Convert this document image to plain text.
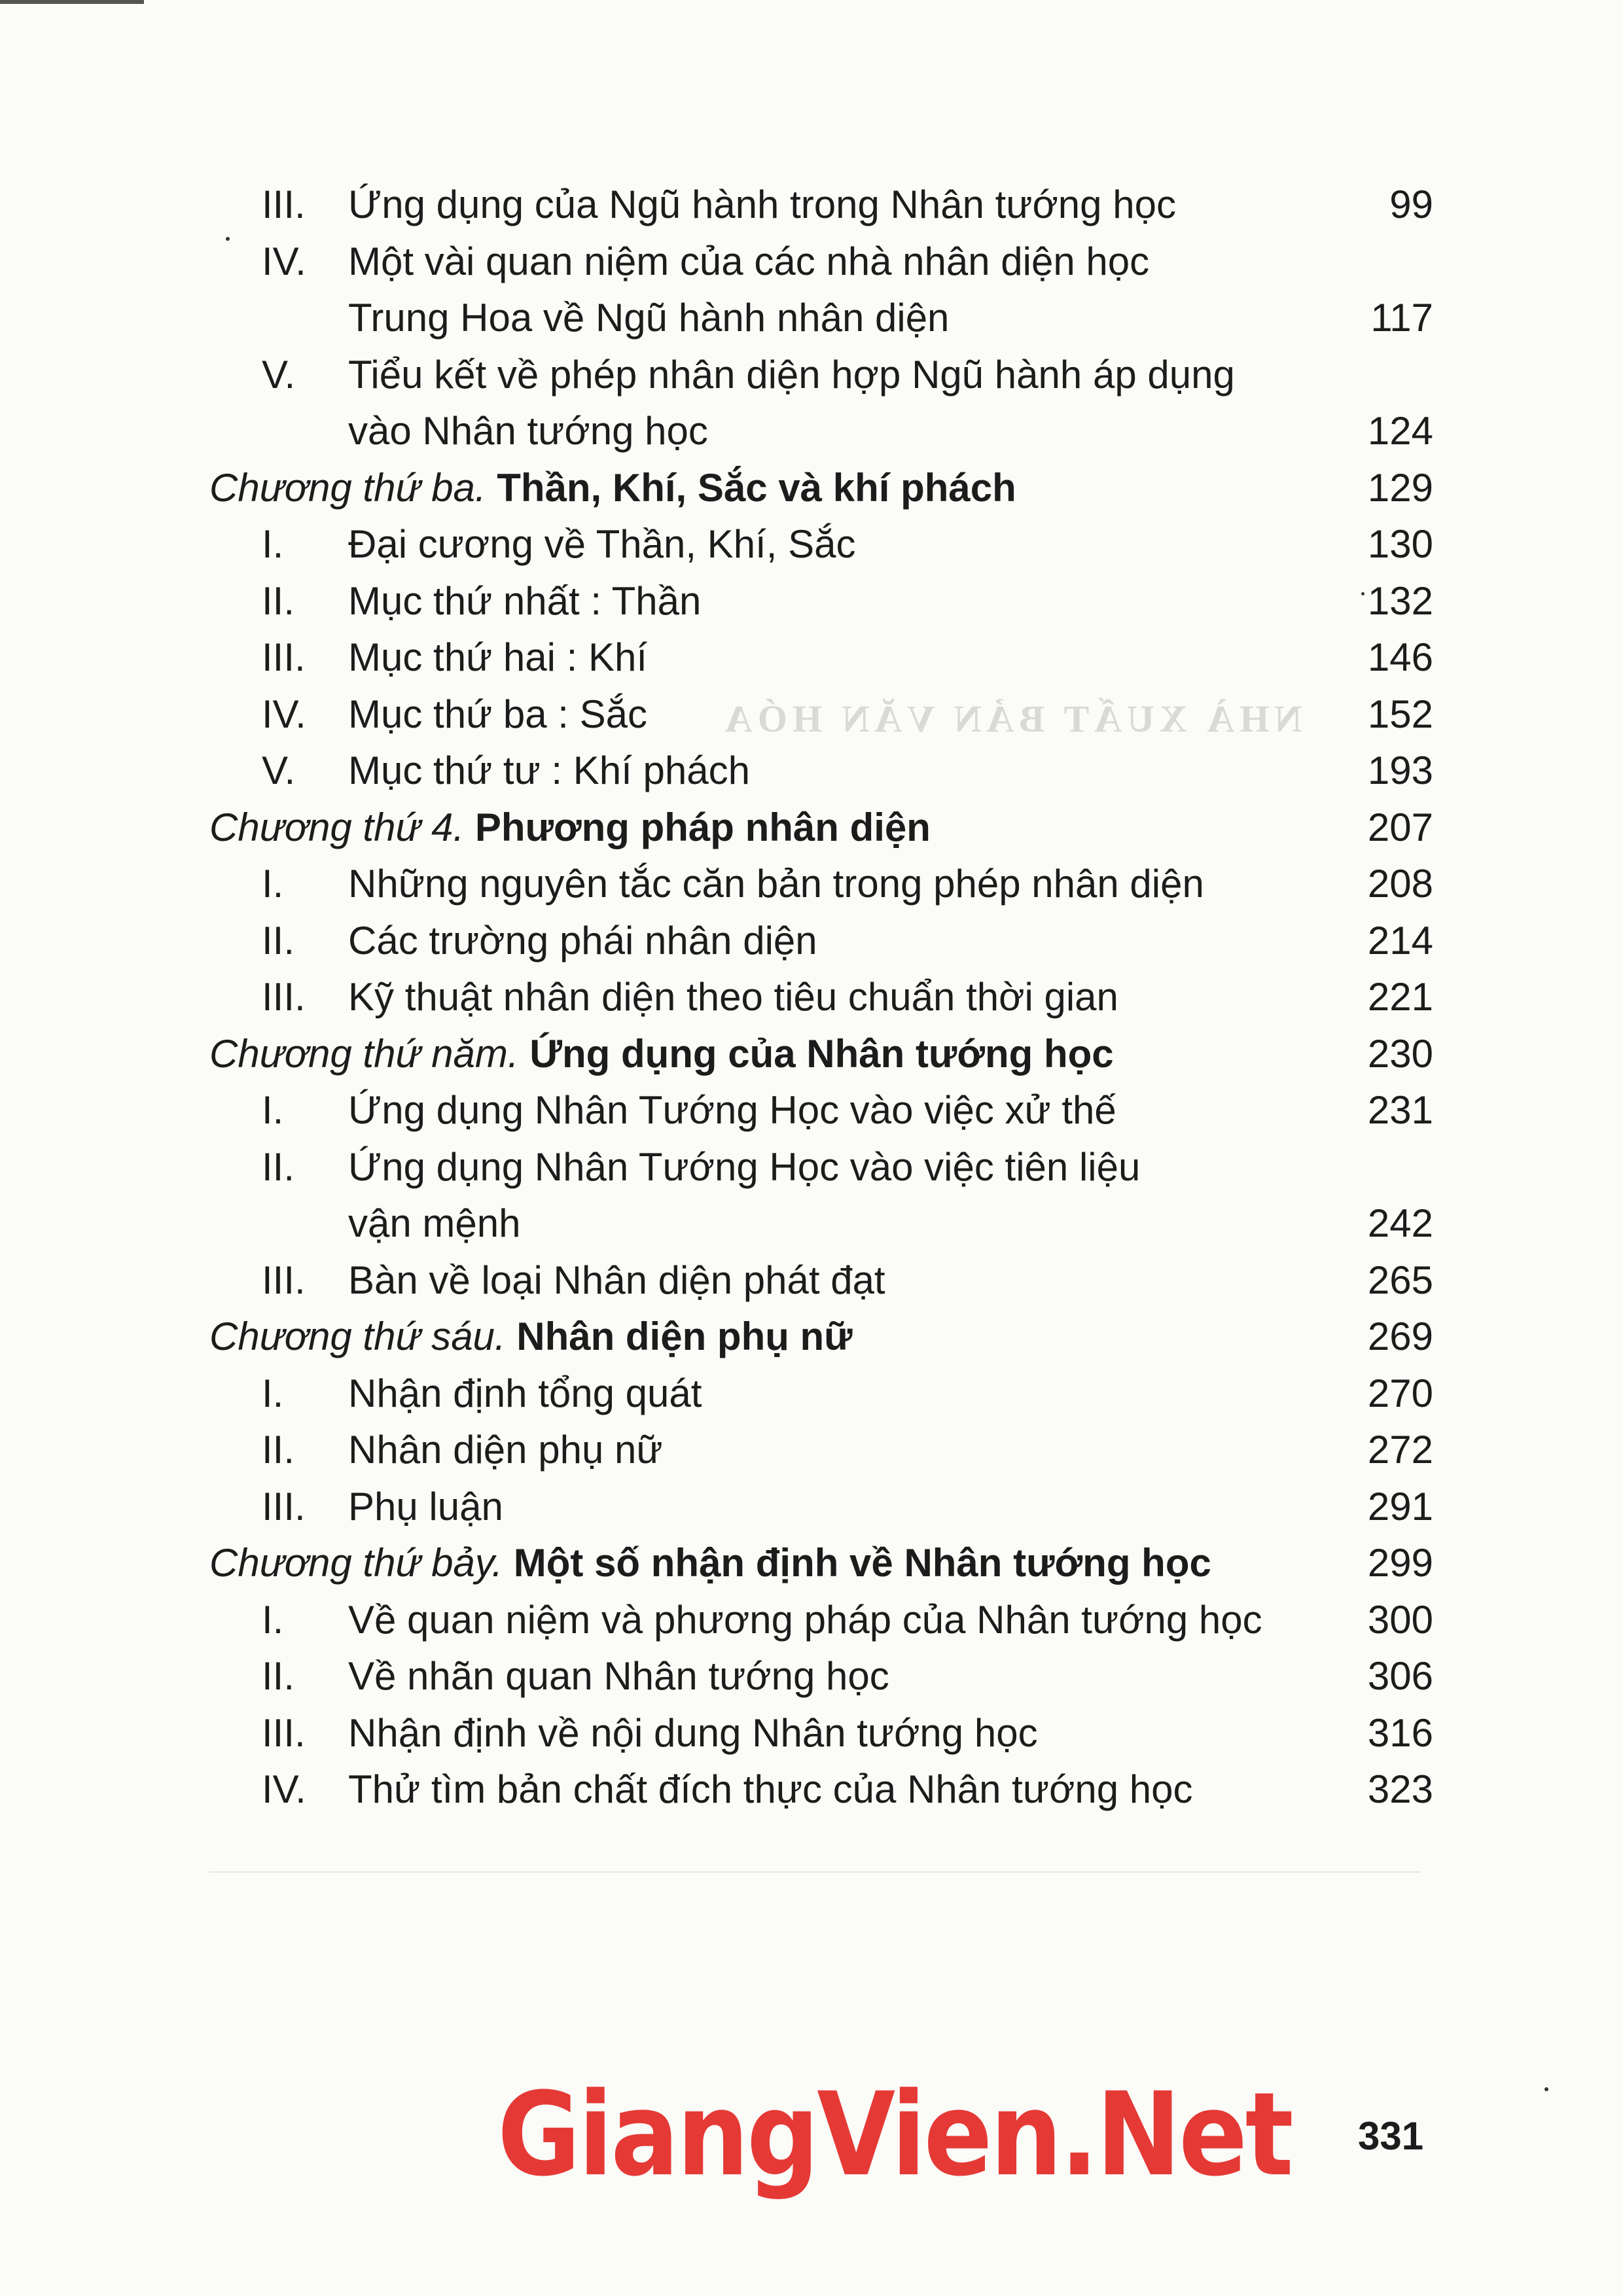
NHÀ XUẤT BẢN VĂN HÓA
III. Ứng dụng của Ngũ hành trong Nhân tướng học	99
IV. Một vài quan niệm của các nhà nhân diện học
Trung Hoa về Ngũ hành nhân diện	117
V. Tiểu kết về phép nhân diện hợp Ngũ hành áp dụng
vào Nhân tướng học	124
Chương thứ ba. Thần, Khí, Sắc và khí phách	129
I. Đại cương về Thần, Khí, Sắc	130
II. Mục thứ nhất : Thần	132
III. Mục thứ hai : Khí	146
IV. Mục thứ ba : Sắc	152
V. Mục thứ tư : Khí phách	193
Chương thứ 4. Phương pháp nhân diện	207
I. Những nguyên tắc căn bản trong phép nhân diện	208
II. Các trường phái nhân diện	214
III. Kỹ thuật nhân diện theo tiêu chuẩn thời gian	221
Chương thứ năm. Ứng dụng của Nhân tướng học	230
I. Ứng dụng Nhân Tướng Học vào việc xử thế	231
II. Ứng dụng Nhân Tướng Học vào việc tiên liệu
vận mệnh	242
III. Bàn về loại Nhân diện phát đạt	265
Chương thứ sáu. Nhân diện phụ nữ	269
I. Nhận định tổng quát	270
II. Nhân diện phụ nữ	272
III. Phụ luận	291
Chương thứ bảy. Một số nhận định về Nhân tướng học	299
I. Về quan niệm và phương pháp của Nhân tướng học	300
II. Về nhãn quan Nhân tướng học	306
III. Nhận định về nội dung Nhân tướng học	316
IV. Thử tìm bản chất đích thực của Nhân tướng học	323
GiangVien.Net 331
